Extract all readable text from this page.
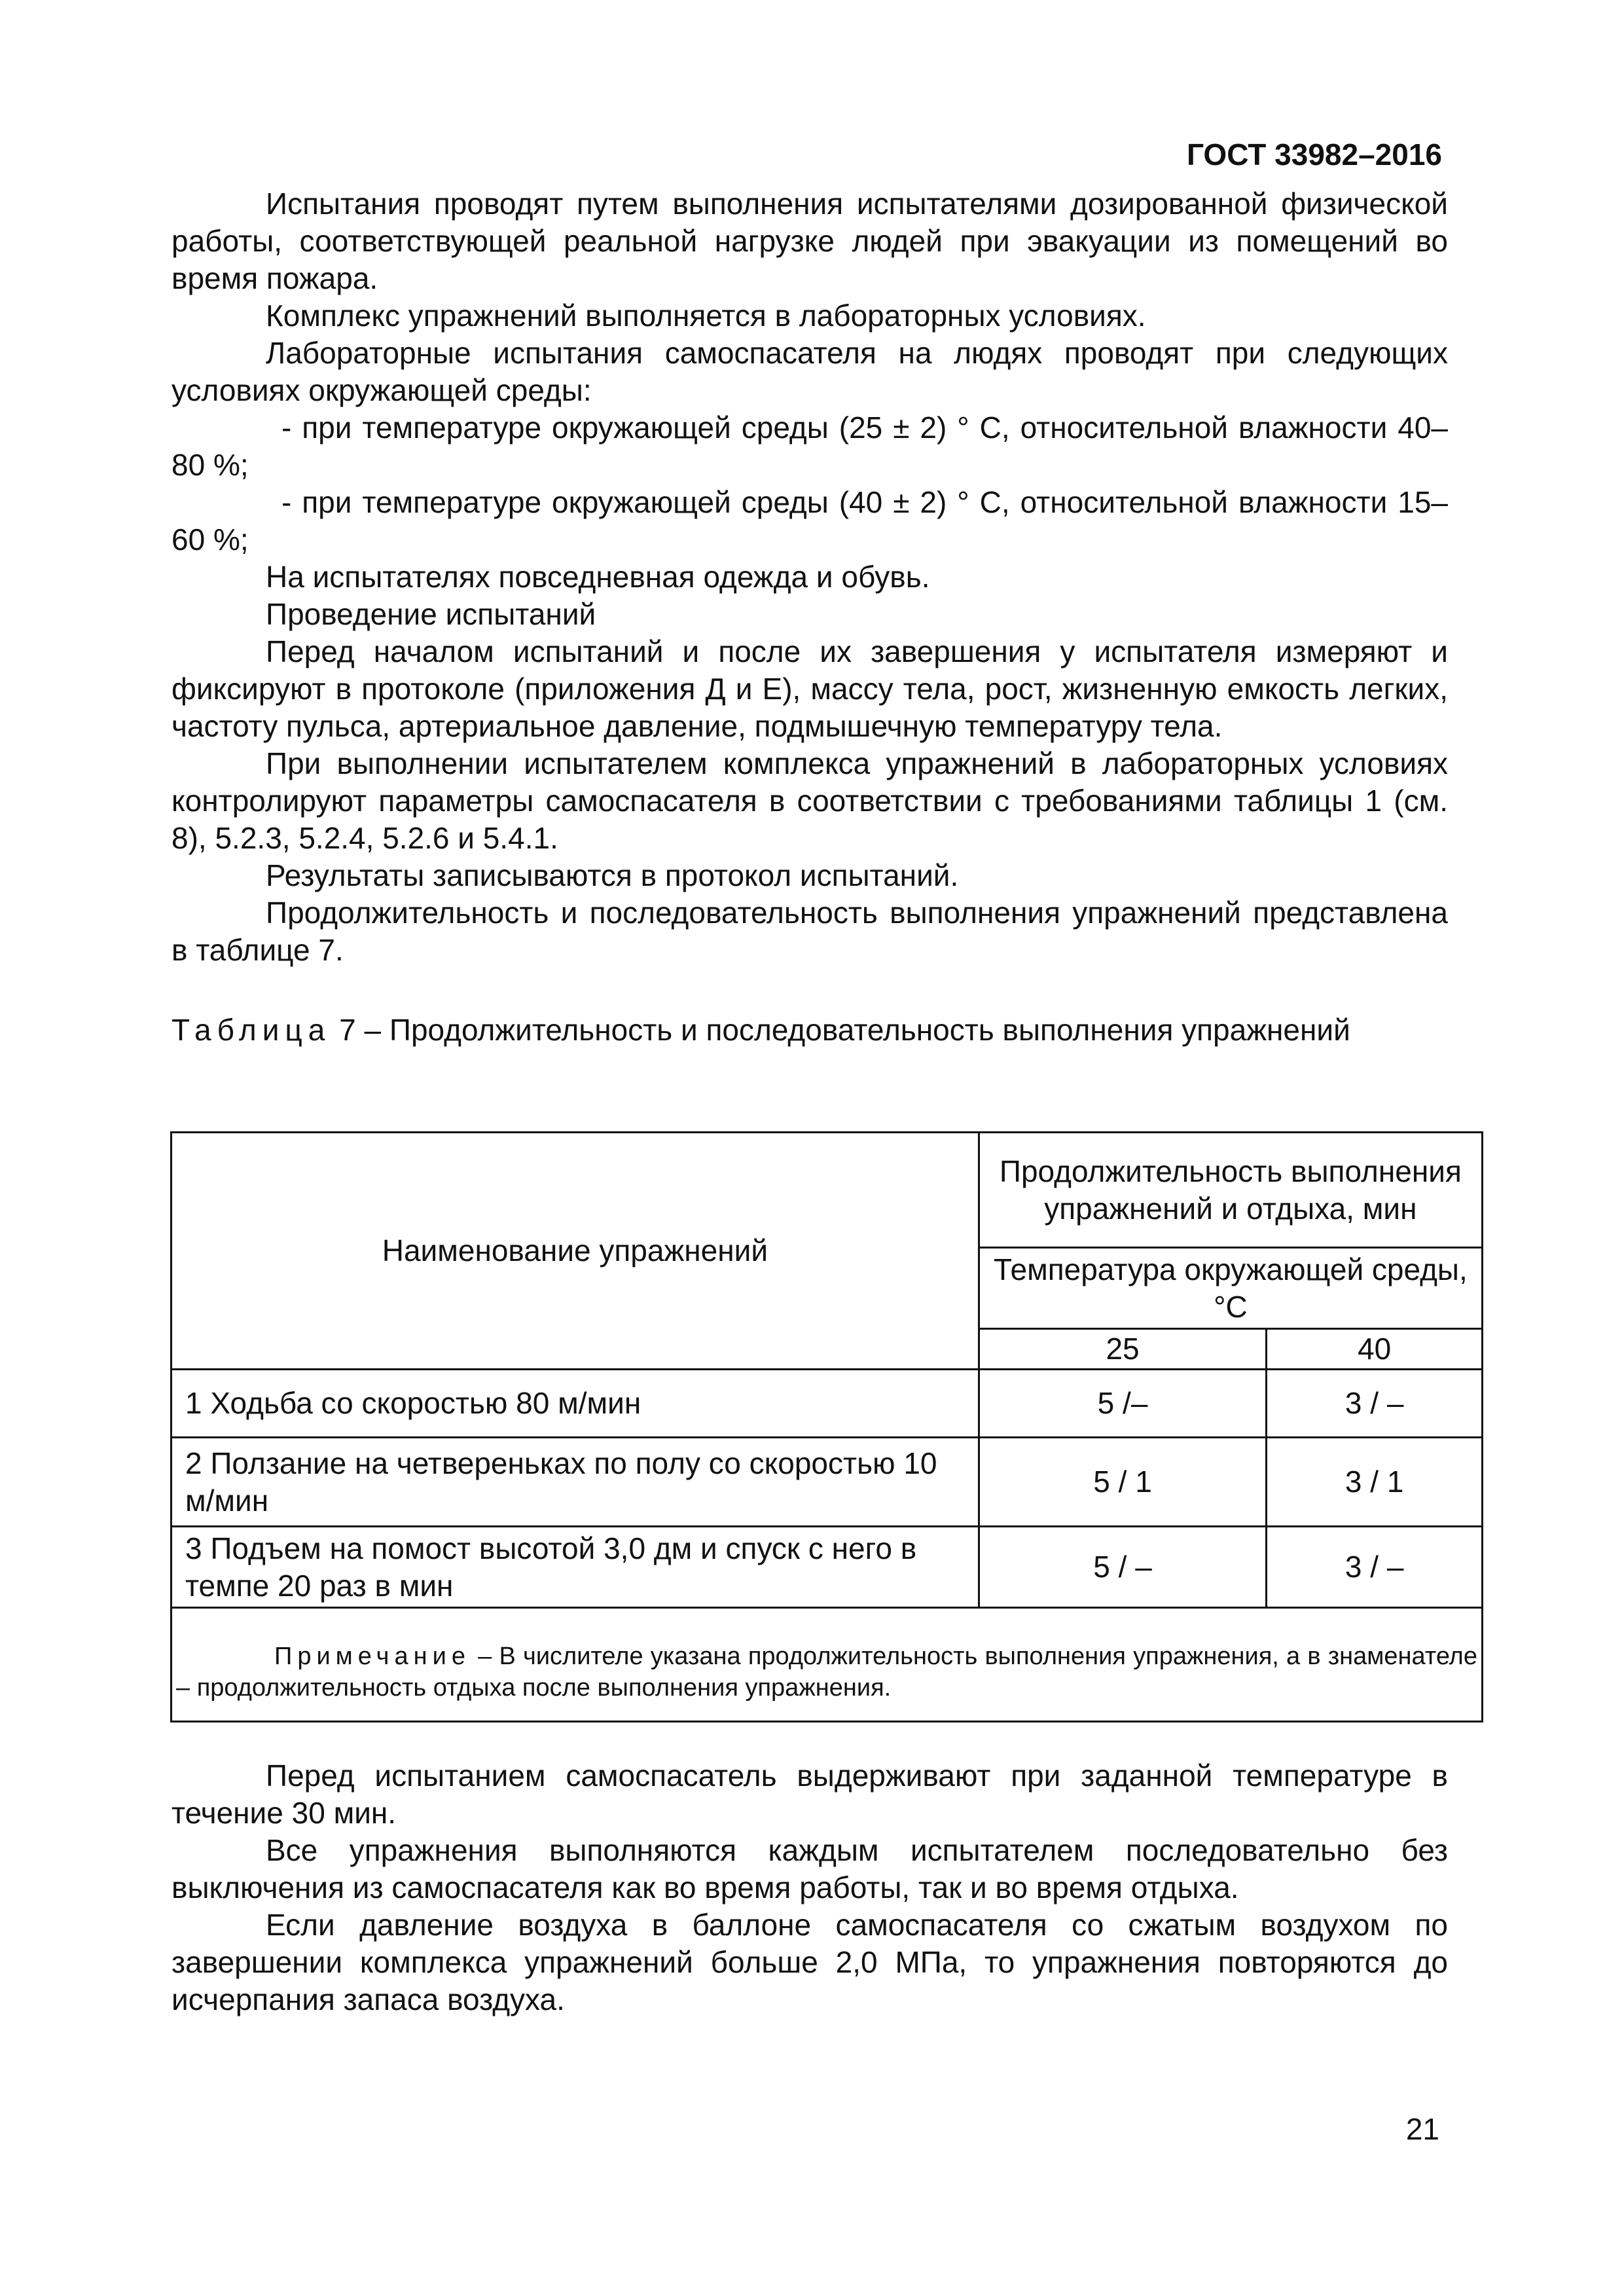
ГОСТ 33982–2016

Испытания проводят путем выполнения испытателями дозированной физической работы, соответствующей реальной нагрузке людей при эвакуации из помещений во время пожара.

Комплекс упражнений выполняется в лабораторных условиях.

Лабораторные испытания самоспасателя на людях проводят при следующих условиях окружающей среды:

- при температуре окружающей среды (25 ± 2) ° С, относительной влажности 40–80 %;

- при температуре окружающей среды (40 ± 2) ° С, относительной влажности 15–60 %;

На испытателях повседневная одежда и обувь.

Проведение испытаний

Перед началом испытаний и после их завершения у испытателя измеряют и фиксируют в протоколе (приложения Д и Е), массу тела, рост, жизненную емкость легких, частоту пульса, артериальное давление, подмышечную температуру тела.

При выполнении испытателем комплекса упражнений в лабораторных условиях контролируют параметры самоспасателя в соответствии с требованиями таблицы 1 (см. 8), 5.2.3, 5.2.4, 5.2.6 и 5.4.1.

Результаты записываются в протокол испытаний.

Продолжительность и последовательность выполнения упражнений представлена в таблице 7.

Таблица 7 – Продолжительность и последовательность выполнения упражнений
Наименование упражнений	Продолжительность выполнения упражнений и отдыха, мин	
	Температура окружающей среды, °С	
	25	40
1 Ходьба со скоростью 80 м/мин	5 /–	3 / –
2 Ползание на четвереньках по полу со скоростью 10 м/мин	5 / 1	3 / 1
3 Подъем на помост высотой 3,0 дм и спуск с него в темпе 20 раз в мин	5 / –	3 / –
Примечание – В числителе указана продолжительность выполнения упражнения, а в знаменателе – продолжительность отдыха после выполнения упражнения.		

Перед испытанием самоспасатель выдерживают при заданной температуре в течение 30 мин.

Все упражнения выполняются каждым испытателем последовательно без выключения из самоспасателя как во время работы, так и во время отдыха.

Если давление воздуха в баллоне самоспасателя со сжатым воздухом по завершении комплекса упражнений больше 2,0 МПа, то упражнения повторяются до исчерпания запаса воздуха.

21
